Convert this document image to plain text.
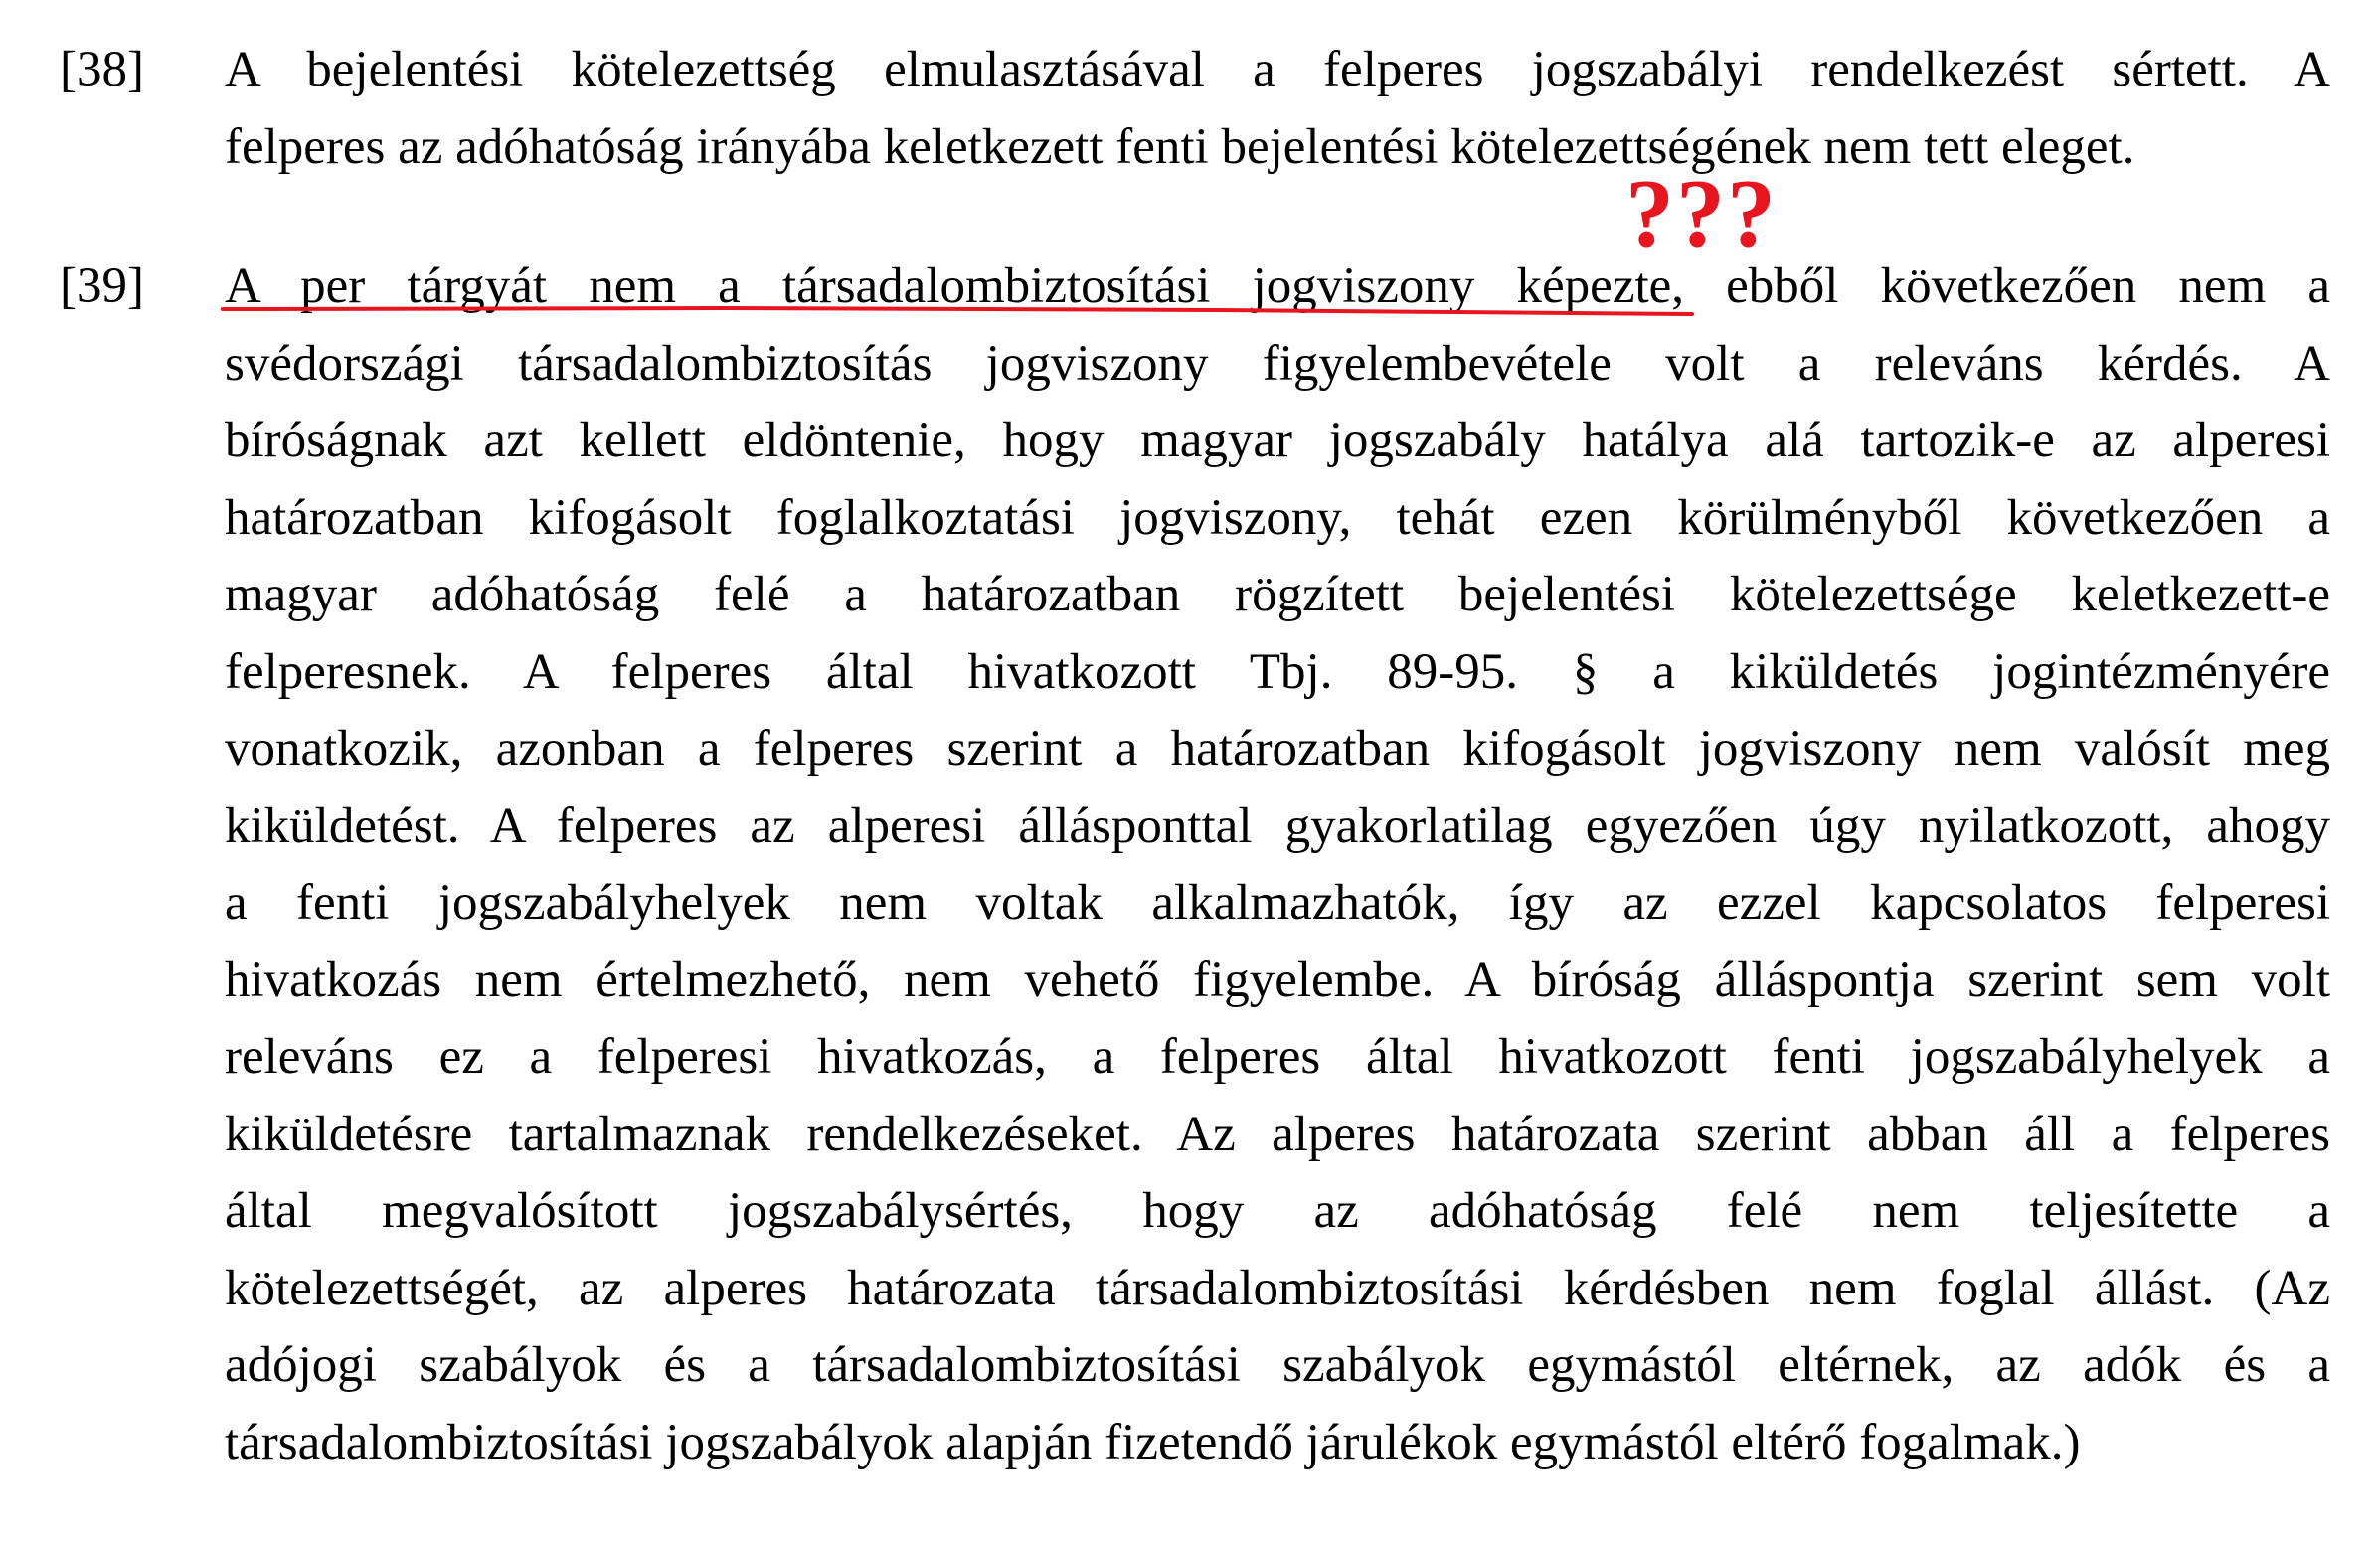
[38] A bejelentési kötelezettség elmulasztásával a felperes jogszabályi rendelkezést sértett. A
felperes az adóhatóság irányába keletkezett fenti bejelentési kötelezettségének nem tett eleget.
???
[39] A per tárgyát nem a társadalombiztosítási jogviszony képezte, ebből következően nem a
svédországi társadalombiztosítás jogviszony figyelembevétele volt a releváns kérdés. A
bíróságnak azt kellett eldöntenie, hogy magyar jogszabály hatálya alá tartozik-e az alperesi
határozatban kifogásolt foglalkoztatási jogviszony, tehát ezen körülményből következően a
magyar adóhatóság felé a határozatban rögzített bejelentési kötelezettsége keletkezett-e
felperesnek. A felperes által hivatkozott Tbj. 89-95. § a kiküldetés jogintézményére
vonatkozik, azonban a felperes szerint a határozatban kifogásolt jogviszony nem valósít meg
kiküldetést. A felperes az alperesi állásponttal gyakorlatilag egyezően úgy nyilatkozott, ahogy
a fenti jogszabályhelyek nem voltak alkalmazhatók, így az ezzel kapcsolatos felperesi
hivatkozás nem értelmezhető, nem vehető figyelembe. A bíróság álláspontja szerint sem volt
releváns ez a felperesi hivatkozás, a felperes által hivatkozott fenti jogszabályhelyek a
kiküldetésre tartalmaznak rendelkezéseket. Az alperes határozata szerint abban áll a felperes
által megvalósított jogszabálysértés, hogy az adóhatóság felé nem teljesítette a
kötelezettségét, az alperes határozata társadalombiztosítási kérdésben nem foglal állást. (Az
adójogi szabályok és a társadalombiztosítási szabályok egymástól eltérnek, az adók és a
társadalombiztosítási jogszabályok alapján fizetendő járulékok egymástól eltérő fogalmak.)
